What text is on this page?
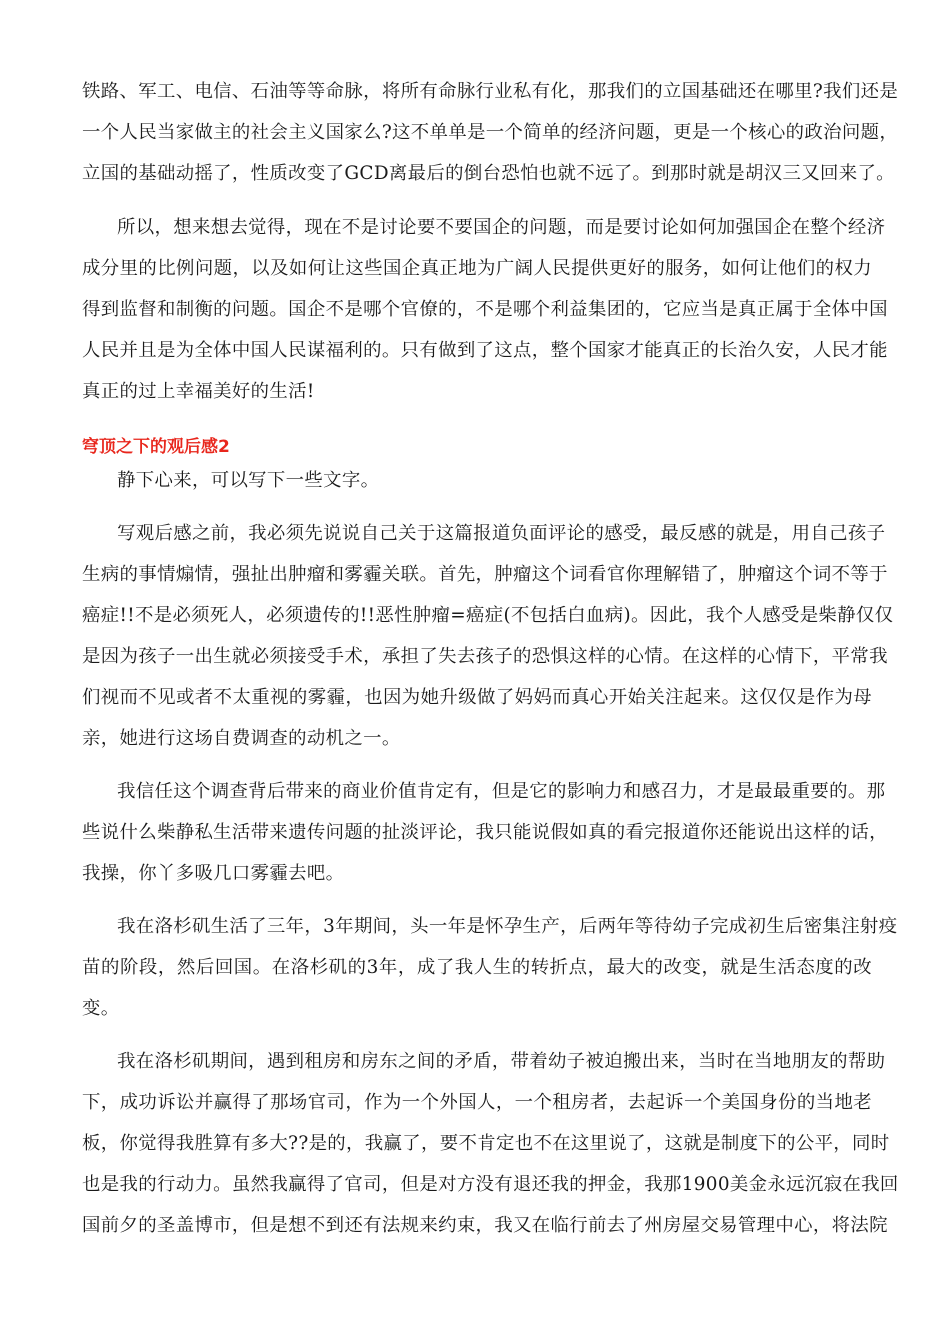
铁路、军工、电信、石油等等命脉，将所有命脉行业私有化，那我们的立国基础还在哪里?我们还是
一个人民当家做主的社会主义国家么?这不单单是一个简单的经济问题，更是一个核心的政治问题，
立国的基础动摇了，性质改变了GCD离最后的倒台恐怕也就不远了。到那时就是胡汉三又回来了。
所以，想来想去觉得，现在不是讨论要不要国企的问题，而是要讨论如何加强国企在整个经济
成分里的比例问题，以及如何让这些国企真正地为广阔人民提供更好的服务，如何让他们的权力
得到监督和制衡的问题。国企不是哪个官僚的，不是哪个利益集团的，它应当是真正属于全体中国
人民并且是为全体中国人民谋福利的。只有做到了这点，整个国家才能真正的长治久安，人民才能
真正的过上幸福美好的生活!
穹顶之下的观后感2
静下心来，可以写下一些文字。
写观后感之前，我必须先说说自己关于这篇报道负面评论的感受，最反感的就是，用自己孩子
生病的事情煽情，强扯出肿瘤和雾霾关联。首先，肿瘤这个词看官你理解错了，肿瘤这个词不等于
癌症!!不是必须死人，必须遗传的!!恶性肿瘤=癌症(不包括白血病)。因此，我个人感受是柴静仅仅
是因为孩子一出生就必须接受手术，承担了失去孩子的恐惧这样的心情。在这样的心情下，平常我
们视而不见或者不太重视的雾霾，也因为她升级做了妈妈而真心开始关注起来。这仅仅是作为母
亲，她进行这场自费调查的动机之一。
我信任这个调查背后带来的商业价值肯定有，但是它的影响力和感召力，才是最最重要的。那
些说什么柴静私生活带来遗传问题的扯淡评论，我只能说假如真的看完报道你还能说出这样的话，
我操，你丫多吸几口雾霾去吧。
我在洛杉矶生活了三年，3年期间，头一年是怀孕生产，后两年等待幼子完成初生后密集注射疫
苗的阶段，然后回国。在洛杉矶的3年，成了我人生的转折点，最大的改变，就是生活态度的改
变。
我在洛杉矶期间，遇到租房和房东之间的矛盾，带着幼子被迫搬出来，当时在当地朋友的帮助
下，成功诉讼并赢得了那场官司，作为一个外国人，一个租房者，去起诉一个美国身份的当地老
板，你觉得我胜算有多大??是的，我赢了，要不肯定也不在这里说了，这就是制度下的公平，同时
也是我的行动力。虽然我赢得了官司，但是对方没有退还我的押金，我那1900美金永远沉寂在我回
国前夕的圣盖博市，但是想不到还有法规来约束，我又在临行前去了州房屋交易管理中心，将法院
